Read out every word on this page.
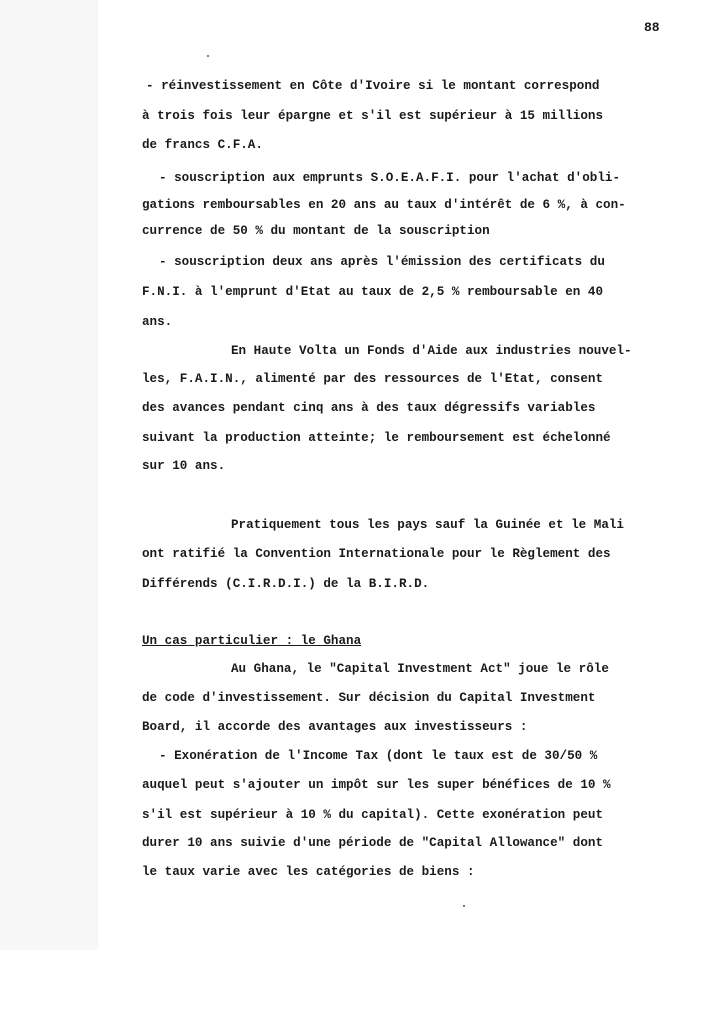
88
- réinvestissement en Côte d'Ivoire si le montant correspond
à trois fois leur épargne et s'il est supérieur à 15 millions
de francs C.F.A.
- souscription aux emprunts S.O.E.A.F.I. pour l'achat d'obli-
gations remboursables en 20 ans au taux d'intérêt de 6 %, à con-
currence de 50 % du montant de la souscription
- souscription deux ans après l'émission des certificats du
F.N.I. à l'emprunt d'Etat au taux de 2,5 % remboursable en 40
ans.
En Haute Volta un Fonds d'Aide aux industries nouvel-
les, F.A.I.N., alimenté par des ressources de l'Etat, consent
des avances pendant cinq ans à des taux dégressifs variables
suivant la production atteinte; le remboursement est échelonné
sur 10 ans.
Pratiquement tous les pays sauf la Guinée et le Mali
ont ratifié la Convention Internationale pour le Règlement des
Différends (C.I.R.D.I.) de la B.I.R.D.
Un cas particulier : le Ghana
Au Ghana, le "Capital Investment Act" joue le rôle
de code d'investissement. Sur décision du Capital Investment
Board, il accorde des avantages aux investisseurs :
- Exonération de l'Income Tax (dont le taux est de 30/50 %
auquel peut s'ajouter un impôt sur les super bénéfices de 10 %
s'il est supérieur à 10 % du capital). Cette exonération peut
durer 10 ans suivie d'une période de "Capital Allowance" dont
le taux varie avec les catégories de biens :
